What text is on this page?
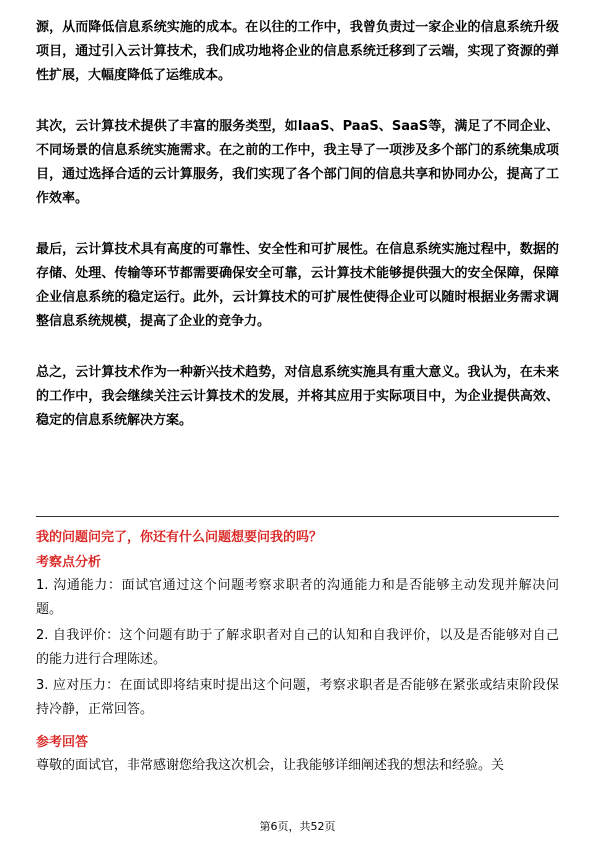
源，从而降低信息系统实施的成本。在以往的工作中，我曾负责过一家企业的信息系统升级项目，通过引入云计算技术，我们成功地将企业的信息系统迁移到了云端，实现了资源的弹性扩展，大幅度降低了运维成本。

其次，云计算技术提供了丰富的服务类型，如IaaS、PaaS、SaaS等，满足了不同企业、不同场景的信息系统实施需求。在之前的工作中，我主导了一项涉及多个部门的系统集成项目，通过选择合适的云计算服务，我们实现了各个部门间的信息共享和协同办公，提高了工作效率。

最后，云计算技术具有高度的可靠性、安全性和可扩展性。在信息系统实施过程中，数据的存储、处理、传输等环节都需要确保安全可靠，云计算技术能够提供强大的安全保障，保障企业信息系统的稳定运行。此外，云计算技术的可扩展性使得企业可以随时根据业务需求调整信息系统规模，提高了企业的竞争力。

总之，云计算技术作为一种新兴技术趋势，对信息系统实施具有重大意义。我认为，在未来的工作中，我会继续关注云计算技术的发展，并将其应用于实际项目中，为企业提供高效、稳定的信息系统解决方案。

我的问题问完了，你还有什么问题想要问我的吗？
考察点分析
1. 沟通能力：面试官通过这个问题考察求职者的沟通能力和是否能够主动发现并解决问题。
2. 自我评价：这个问题有助于了解求职者对自己的认知和自我评价，以及是否能够对自己的能力进行合理陈述。
3. 应对压力：在面试即将结束时提出这个问题，考察求职者是否能够在紧张或结束阶段保持冷静，正常回答。
参考回答

尊敬的面试官，非常感谢您给我这次机会，让我能够详细阐述我的想法和经验。关

第6页，共52页
